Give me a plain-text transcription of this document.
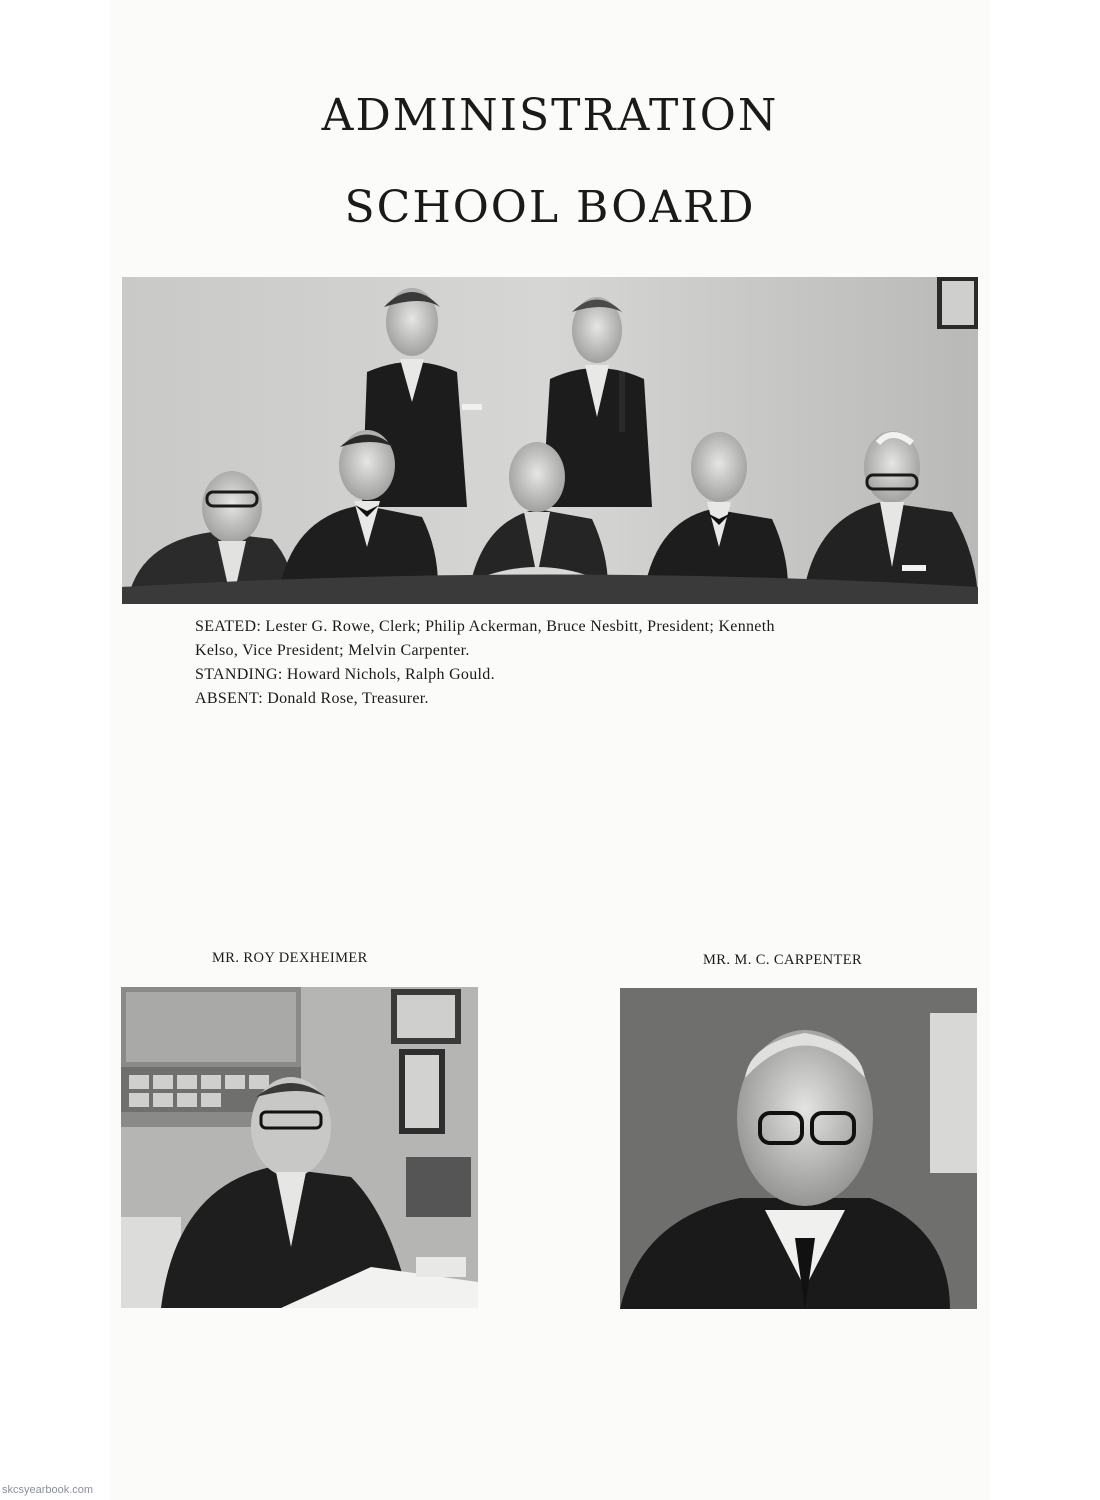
ADMINISTRATION
SCHOOL BOARD
SEATED: Lester G. Rowe, Clerk; Philip Ackerman, Bruce Nesbitt, President; Kenneth
Kelso, Vice President; Melvin Carpenter.
STANDING: Howard Nichols, Ralph Gould.
ABSENT: Donald Rose, Treasurer.
MR. ROY DEXHEIMER	MR. M. C. CARPENTER
skcsyearbook.com
